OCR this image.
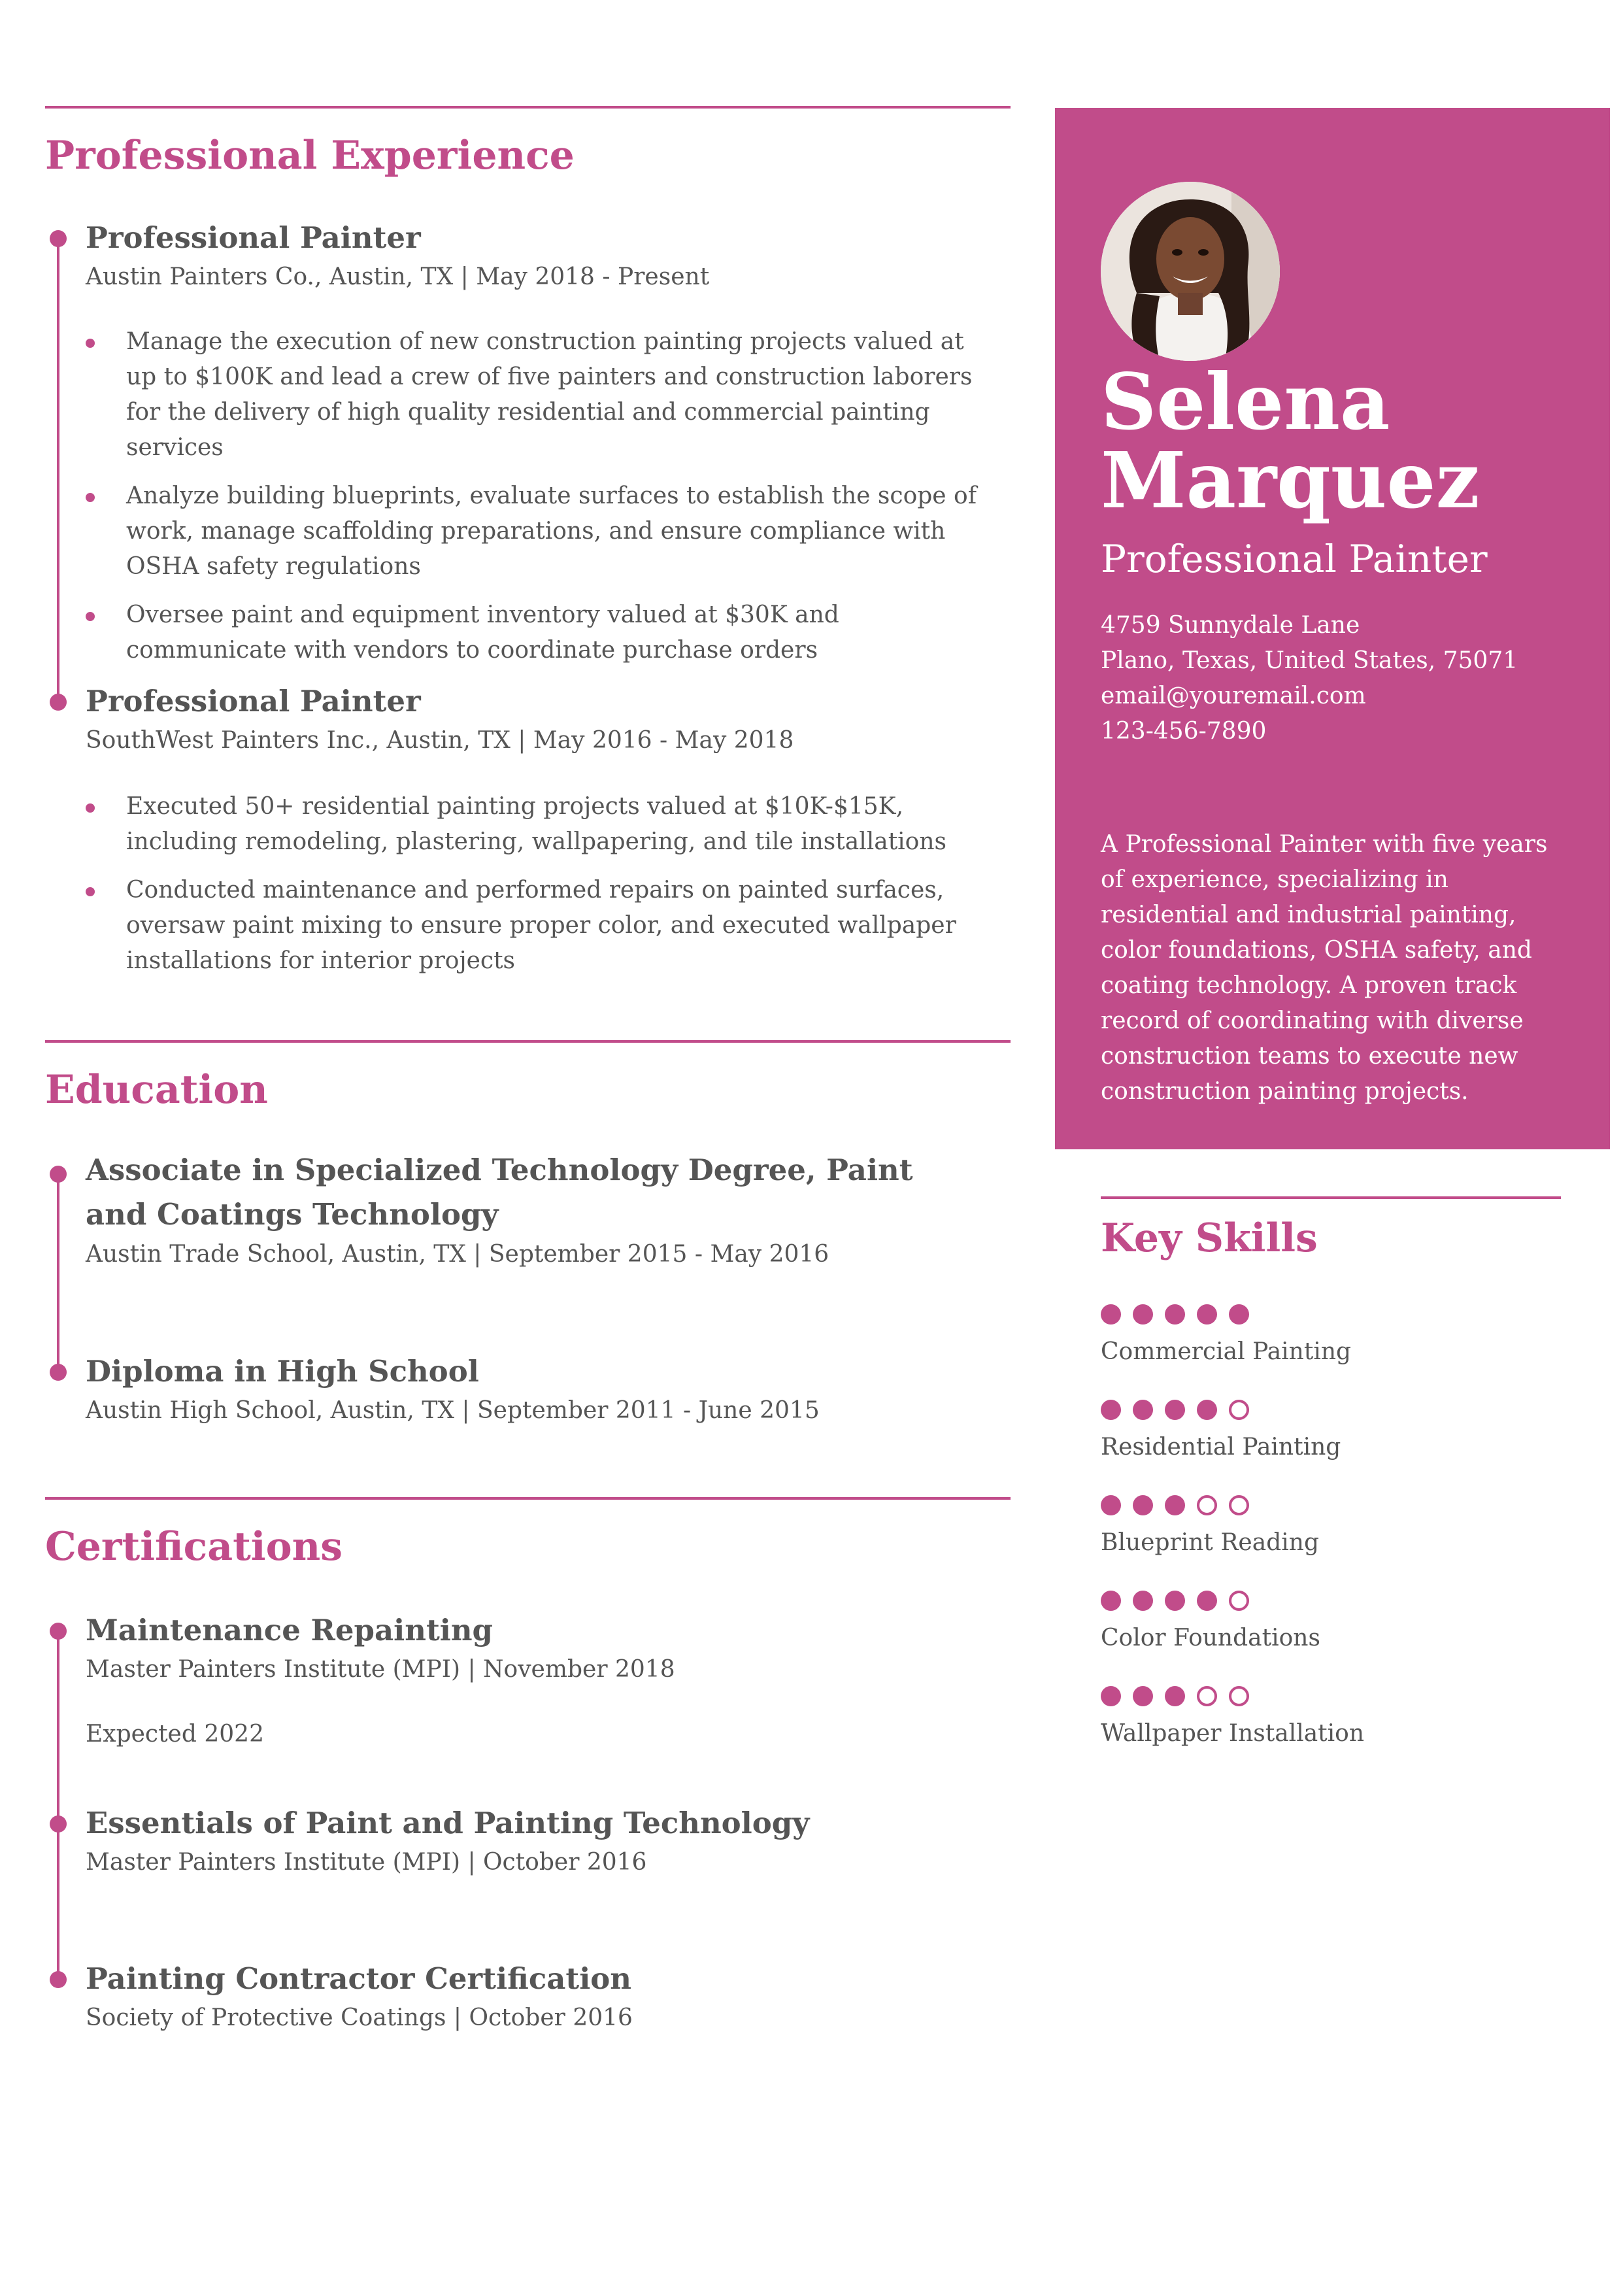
Professional Experience
Professional Painter

Austin Painters Co., Austin, TX | May 2018 - Present

Manage the execution of new construction painting projects valued at up to $100K and lead a crew of five painters and construction laborers for the delivery of high quality residential and commercial painting services
Analyze building blueprints, evaluate surfaces to establish the scope of work, manage scaffolding preparations, and ensure compliance with OSHA safety regulations
Oversee paint and equipment inventory valued at $30K and communicate with vendors to coordinate purchase orders
Professional Painter

SouthWest Painters Inc., Austin, TX | May 2016 - May 2018

Executed 50+ residential painting projects valued at $10K-$15K, including remodeling, plastering, wallpapering, and tile installations
Conducted maintenance and performed repairs on painted surfaces, oversaw paint mixing to ensure proper color, and executed wallpaper installations for interior projects
Education
Associate in Specialized Technology Degree, Paint and Coatings Technology

Austin Trade School, Austin, TX | September 2015 - May 2016

Diploma in High School

Austin High School, Austin, TX | September 2011 - June 2015

Certifications
Maintenance Repainting

Master Painters Institute (MPI) | November 2018

Expected 2022

Essentials of Paint and Painting Technology

Master Painters Institute (MPI) | October 2016

Painting Contractor Certification

Society of Protective Coatings | October 2016

Selena
Marquez

Professional Painter

4759 Sunnydale Lane
Plano, Texas, United States, 75071
email@youremail.com
123-456-7890

A Professional Painter with five years of experience, specializing in residential and industrial painting, color foundations, OSHA safety, and coating technology. A proven track record of coordinating with diverse construction teams to execute new construction painting projects.

Key Skills
Commercial Painting
Residential Painting
Blueprint Reading
Color Foundations
Wallpaper Installation
